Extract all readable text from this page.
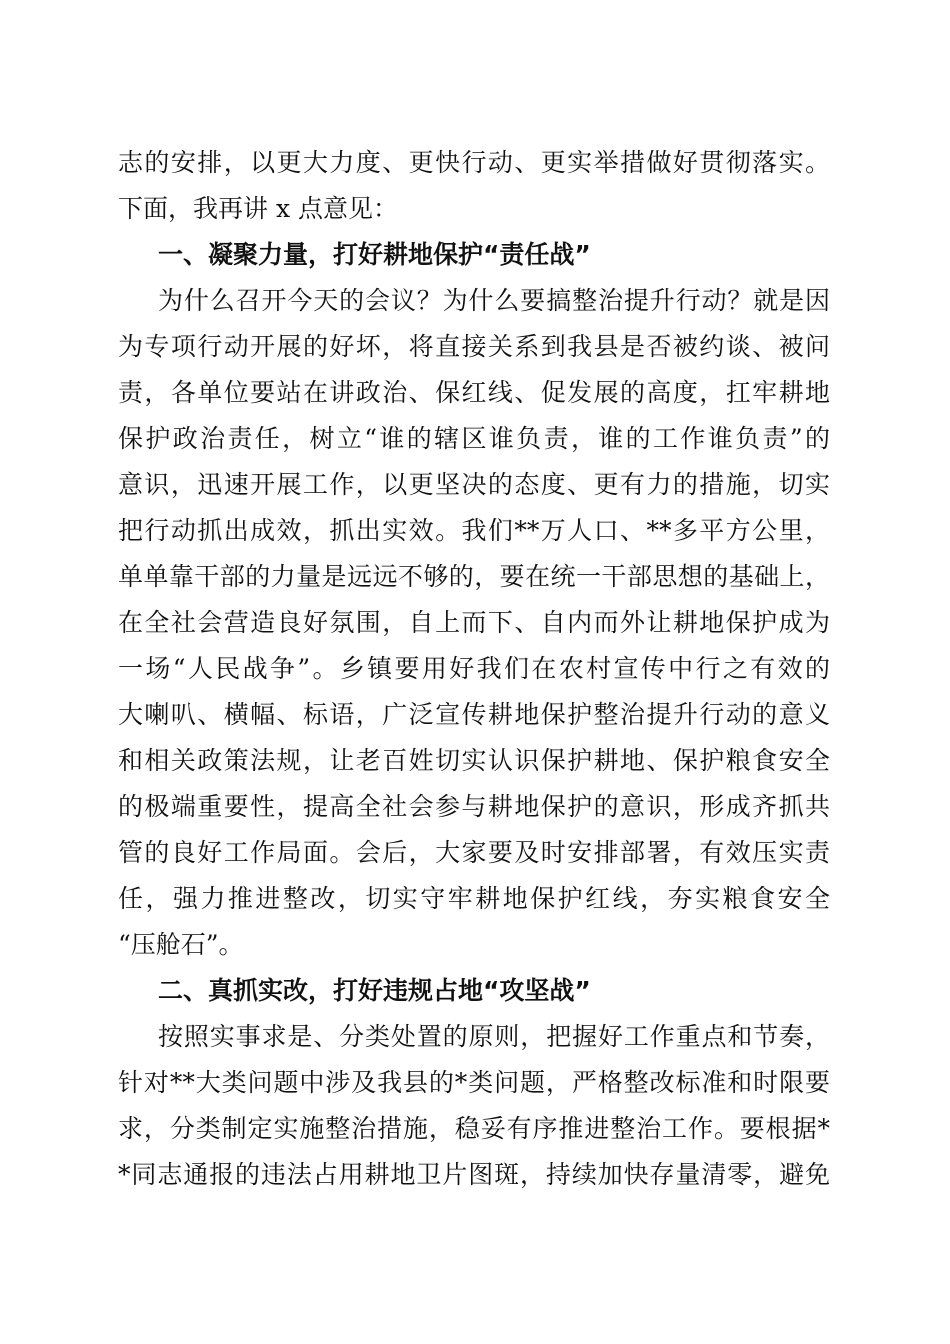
志的安排，以更大力度、更快行动、更实举措做好贯彻落实。
下面，我再讲 x 点意见：
一、凝聚力量，打好耕地保护“责任战”
为什么召开今天的会议？为什么要搞整治提升行动？就是因
为专项行动开展的好坏，将直接关系到我县是否被约谈、被问
责，各单位要站在讲政治、保红线、促发展的高度，扛牢耕地
保护政治责任，树立“谁的辖区谁负责，谁的工作谁负责”的
意识，迅速开展工作，以更坚决的态度、更有力的措施，切实
把行动抓出成效，抓出实效。我们**万人口、**多平方公里，
单单靠干部的力量是远远不够的，要在统一干部思想的基础上，
在全社会营造良好氛围，自上而下、自内而外让耕地保护成为
一场“人民战争”。乡镇要用好我们在农村宣传中行之有效的
大喇叭、横幅、标语，广泛宣传耕地保护整治提升行动的意义
和相关政策法规，让老百姓切实认识保护耕地、保护粮食安全
的极端重要性，提高全社会参与耕地保护的意识，形成齐抓共
管的良好工作局面。会后，大家要及时安排部署，有效压实责
任，强力推进整改，切实守牢耕地保护红线，夯实粮食安全
“压舱石”。
二、真抓实改，打好违规占地“攻坚战”
按照实事求是、分类处置的原则，把握好工作重点和节奏，
针对**大类问题中涉及我县的*类问题，严格整改标准和时限要
求，分类制定实施整治措施，稳妥有序推进整治工作。要根据*
*同志通报的违法占用耕地卫片图斑，持续加快存量清零，避免
